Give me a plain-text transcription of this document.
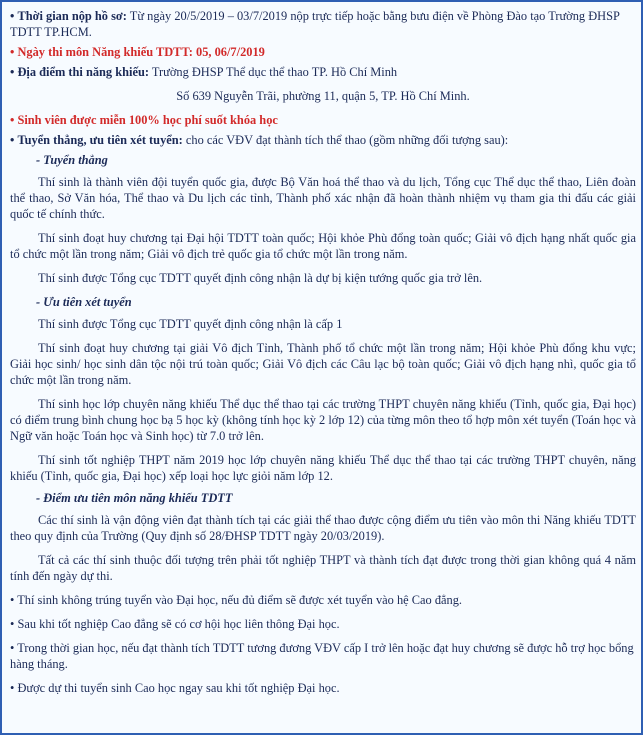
• Thời gian nộp hồ sơ: Từ ngày 20/5/2019 – 03/7/2019 nộp trực tiếp hoặc bằng bưu điện về Phòng Đào tạo Trường ĐHSP TDTT TP.HCM.

• Ngày thi môn Năng khiếu TDTT: 05, 06/7/2019

• Địa điểm thi năng khiếu: Trường ĐHSP Thể dục thể thao TP. Hồ Chí Minh

Số 639 Nguyễn Trãi, phường 11, quận 5, TP. Hồ Chí Minh.

• Sinh viên được miễn 100% học phí suốt khóa học

• Tuyển thẳng, ưu tiên xét tuyển: cho các VĐV đạt thành tích thể thao (gồm những đối tượng sau):

- Tuyển thẳng

Thí sinh là thành viên đội tuyển quốc gia, được Bộ Văn hoá thể thao và du lịch, Tổng cục Thể dục thể thao, Liên đoàn thể thao, Sở Văn hóa, Thể thao và Du lịch các tỉnh, Thành phố xác nhận đã hoàn thành nhiệm vụ tham gia thi đấu các giải quốc tế chính thức.

Thí sinh đoạt huy chương tại Đại hội TDTT toàn quốc; Hội khỏe Phù đổng toàn quốc; Giải vô địch hạng nhất quốc gia tổ chức một lần trong năm; Giải vô địch trẻ quốc gia tổ chức một lần trong năm.

Thí sinh được Tổng cục TDTT quyết định công nhận là dự bị kiện tướng quốc gia trở lên.

- Ưu tiên xét tuyển

Thí sinh được Tổng cục TDTT quyết định công nhận là cấp 1

Thí sinh đoạt huy chương tại giải Vô địch Tỉnh, Thành phố tổ chức một lần trong năm; Hội khỏe Phù đổng khu vực; Giải học sinh/ học sinh dân tộc nội trú toàn quốc; Giải Vô địch các Câu lạc bộ toàn quốc; Giải vô địch hạng nhì, quốc gia tổ chức một lần trong năm.

Thí sinh học lớp chuyên năng khiếu Thể dục thể thao tại các trường THPT chuyên năng khiếu (Tỉnh, quốc gia, Đại học) có điểm trung bình chung học bạ 5 học kỳ (không tính học kỳ 2 lớp 12) của từng môn theo tổ hợp môn xét tuyển (Toán học và Ngữ văn hoặc Toán học và Sinh học) từ 7.0 trở lên.

Thí sinh tốt nghiệp THPT năm 2019 học lớp chuyên năng khiếu Thể dục thể thao tại các trường THPT chuyên, năng khiếu (Tỉnh, quốc gia, Đại học) xếp loại học lực giỏi năm lớp 12.

- Điểm ưu tiên môn năng khiếu TDTT

Các thí sinh là vận động viên đạt thành tích tại các giải thể thao được cộng điểm ưu tiên vào môn thi Năng khiếu TDTT theo quy định của Trường (Quy định số 28/ĐHSP TDTT ngày 20/03/2019).

Tất cả các thí sinh thuộc đối tượng trên phải tốt nghiệp THPT và thành tích đạt được trong thời gian không quá 4 năm tính đến ngày dự thi.

• Thí sinh không trúng tuyển vào Đại học, nếu đủ điểm sẽ được xét tuyển vào hệ Cao đẳng.

• Sau khi tốt nghiệp Cao đẳng sẽ có cơ hội học liên thông Đại học.

• Trong thời gian học, nếu đạt thành tích TDTT tương đương VĐV cấp I trở lên hoặc đạt huy chương sẽ được hỗ trợ học bổng hàng tháng.

• Được dự thi tuyển sinh Cao học ngay sau khi tốt nghiệp Đại học.
